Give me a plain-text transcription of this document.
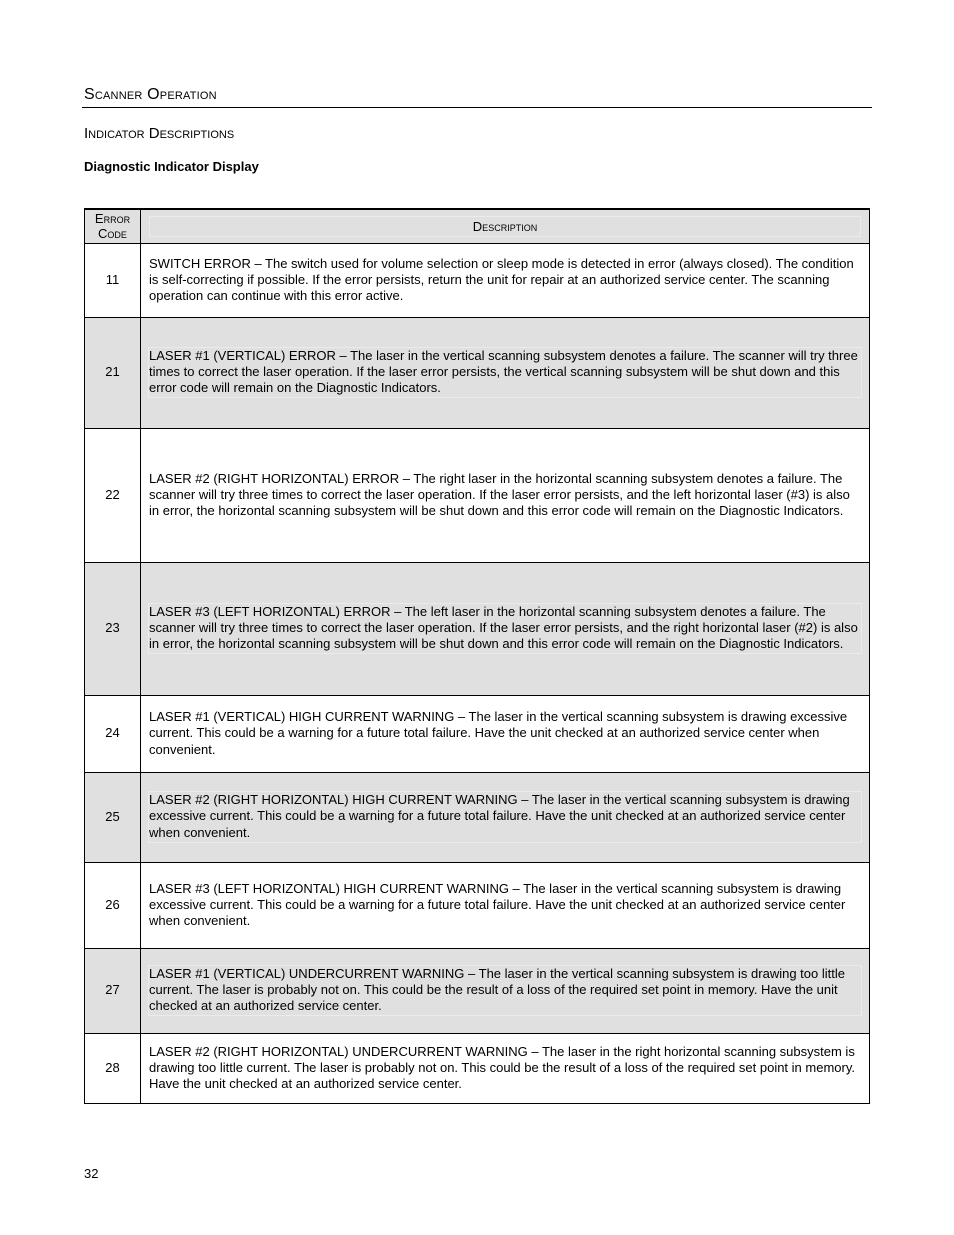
Scanner Operation
Indicator Descriptions
Diagnostic Indicator Display
Error
Code	Description

11	SWITCH ERROR – The switch used for volume selection or sleep mode is detected in error (always closed). The condition is self-correcting if possible. If the error persists, return the unit for repair at an authorized service center. The scanning operation can continue with this error active.
21	LASER #1 (VERTICAL) ERROR – The laser in the vertical scanning subsystem denotes a failure. The scanner will try three times to correct the laser operation. If the laser error persists, the vertical scanning subsystem will be shut down and this error code will remain on the Diagnostic Indicators.

22	LASER #2 (RIGHT HORIZONTAL) ERROR – The right laser in the horizontal scanning subsystem denotes a failure. The scanner will try three times to correct the laser operation. If the laser error persists, and the left horizontal laser (#3) is also in error, the horizontal scanning subsystem will be shut down and this error code will remain on the Diagnostic Indicators.
23	LASER #3 (LEFT HORIZONTAL) ERROR – The left laser in the horizontal scanning subsystem denotes a failure. The scanner will try three times to correct the laser operation. If the laser error persists, and the right horizontal laser (#2) is also in error, the horizontal scanning subsystem will be shut down and this error code will remain on the Diagnostic Indicators.

24	LASER #1 (VERTICAL) HIGH CURRENT WARNING – The laser in the vertical scanning subsystem is drawing excessive current. This could be a warning for a future total failure. Have the unit checked at an authorized service center when convenient.
25	LASER #2 (RIGHT HORIZONTAL) HIGH CURRENT WARNING – The laser in the vertical scanning subsystem is drawing excessive current. This could be a warning for a future total failure. Have the unit checked at an authorized service center when convenient.

26	LASER #3 (LEFT HORIZONTAL) HIGH CURRENT WARNING – The laser in the vertical scanning subsystem is drawing excessive current. This could be a warning for a future total failure. Have the unit checked at an authorized service center when convenient.
27	LASER #1 (VERTICAL) UNDERCURRENT WARNING – The laser in the vertical scanning subsystem is drawing too little current. The laser is probably not on. This could be the result of a loss of the required set point in memory. Have the unit checked at an authorized service center.

28	LASER #2 (RIGHT HORIZONTAL) UNDERCURRENT WARNING – The laser in the right horizontal scanning subsystem is drawing too little current. The laser is probably not on. This could be the result of a loss of the required set point in memory. Have the unit checked at an authorized service center.
32
